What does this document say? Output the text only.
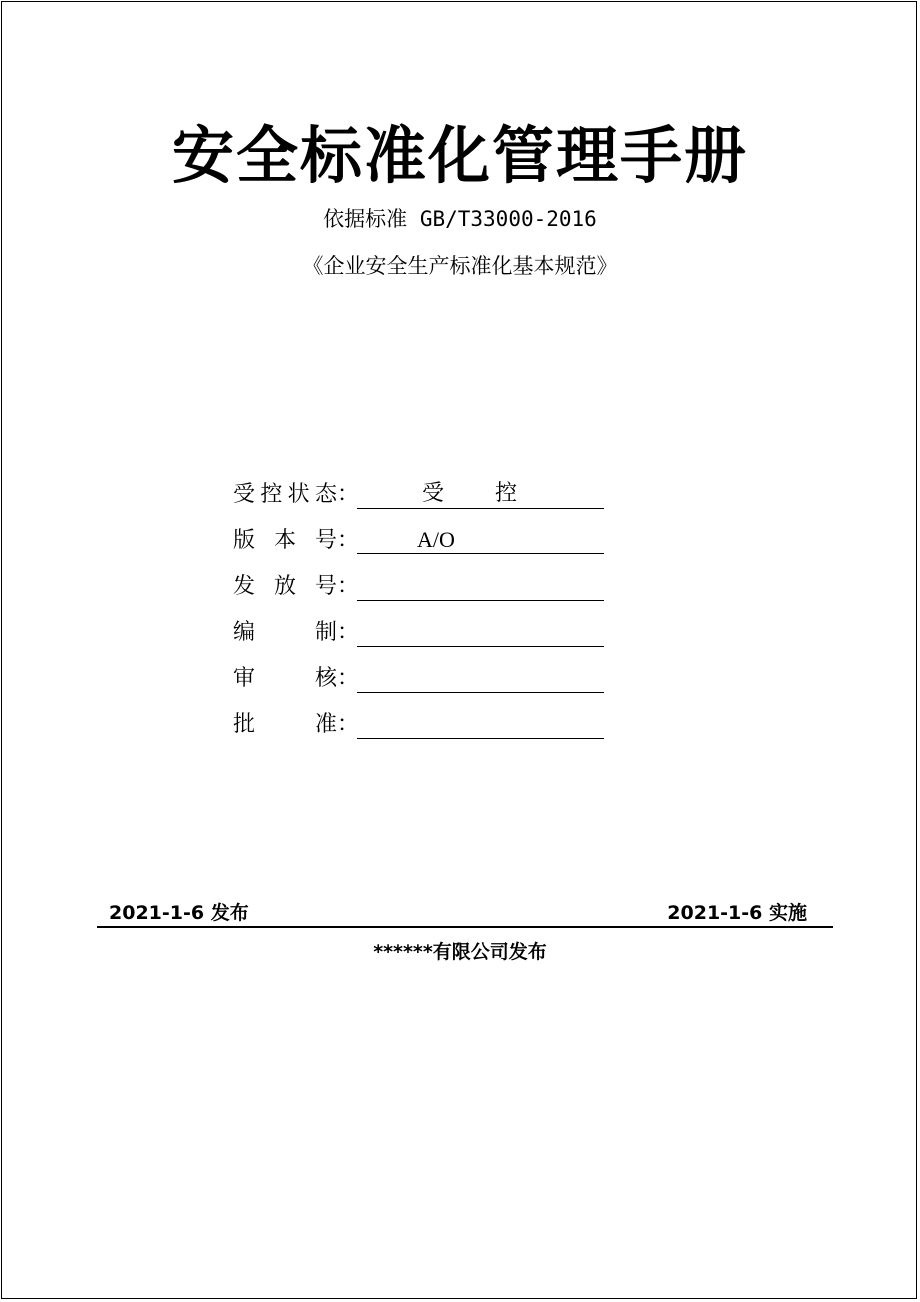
安全标准化管理手册
依据标准 GB/T33000-2016
《企业安全生产标准化基本规范》
受 控 状 态 ：	受 控
版 本 号 ：	A/O
发 放 号 ：
编	制 ：
审	核 ：
批	准 ：
2021-1-6 发布	2021-1-6 实施
******有限公司发布
